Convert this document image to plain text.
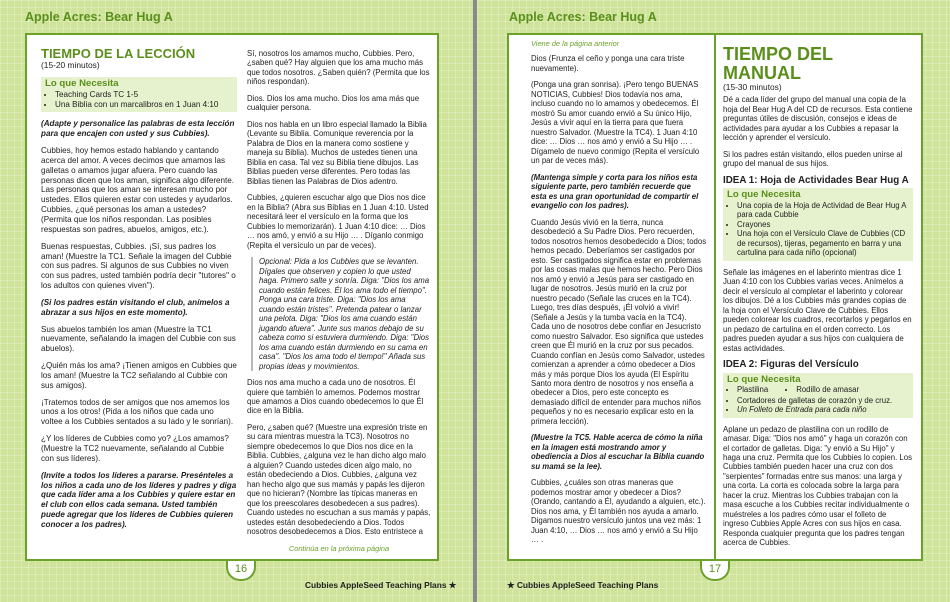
Apple Acres: Bear Hug A
TIEMPO DE LA LECCIÓN
(15-20 minutos)
Lo que Necesita
• Teaching Cards TC 1-5
• Una Biblia con un marcalibros en 1 Juan 4:10

(Adapte y personalice las palabras de esta lección para que encajen con usted y sus Cubbies).

Cubbies, hoy hemos estado hablando y cantando acerca del amor. A veces decimos que amamos las galletas o amamos jugar afuera. Pero cuando las personas dicen que los aman, significa algo diferente. Las personas que los aman se interesan mucho por ustedes. Ellos quieren estar con ustedes y ayudarlos. Cubbies, ¿qué personas los aman a ustedes? (Permita que los niños respondan. Las posibles respuestas son padres, abuelos, amigos, etc.).

Buenas respuestas, Cubbies. ¡Sí, sus padres los aman! (Muestre la TC1. Señale la imagen del Cubbie con sus padres. Si algunos de sus Cubbies no viven con sus padres, usted también podría decir "tutores" o los adultos con quienes viven").

(Si los padres están visitando el club, anímelos a abrazar a sus hijos en este momento).

Sus abuelos también los aman (Muestre la TC1 nuevamente, señalando la imagen del Cubbie con sus abuelos).

¿Quién más los ama? ¡Tienen amigos en Cubbies que los aman! (Muestre la TC2 señalando al Cubbie con sus amigos).

¡Tratemos todos de ser amigos que nos amemos los unos a los otros! (Pida a los niños que cada uno voltee a los Cubbies sentados a su lado y le sonrían).

¿Y los líderes de Cubbies como yo? ¿Los amamos? (Muestre la TC2 nuevamente, señalando al Cubbie con sus líderes).

(Invite a todos los líderes a pararse. Presénteles a los niños a cada uno de los líderes y padres y diga que cada líder ama a los Cubbies y quiere estar en el club con ellos cada semana. Usted también puede agregar que los líderes de Cubbies quieren conocer a los padres).

Sí, nosotros los amamos mucho, Cubbies. Pero, ¿saben qué? Hay alguien que los ama mucho más que todos nosotros. ¿Saben quién? (Permita que los niños respondan).

Dios. Dios los ama mucho. Dios los ama más que cualquier persona.

Dios nos habla en un libro especial llamado la Biblia (Levante su Biblia. Comunique reverencia por la Palabra de Dios en la manera como sostiene y maneja su Biblia). Muchos de ustedes tienen una Biblia en casa. Tal vez su Biblia tiene dibujos. Las Biblias pueden verse diferentes. Pero todas las Biblias tienen las Palabras de Dios adentro.

Cubbies, ¿quieren escuchar algo que Dios nos dice en la Biblia? (Abra sus Biblias en 1 Juan 4:10. Usted necesitará leer el versículo en la forma que los Cubbies lo memorizarán). 1 Juan 4:10 dice: … Dios … nos amó, y envió a su Hijo … . Díganlo conmigo (Repita el versículo un par de veces).

Opcional: Pida a los Cubbies que se levanten. Dígales que observen y copien lo que usted haga. Primero salte y sonría. Diga: "Dios los ama cuando están felices. Él los ama todo el tiempo". Ponga una cara triste. Diga: "Dios los ama cuando están tristes". Pretenda patear o lanzar una pelota. Diga: "Dios los ama cuando están jugando afuera". Junte sus manos debajo de su cabeza como si estuviera durmiendo. Diga: "Dios los ama cuando están durmiendo en su cama en casa". "Dios los ama todo el tiempo!" Añada sus propias ideas y movimientos.

Dios nos ama mucho a cada uno de nosotros. Él quiere que también lo amemos. Podemos mostrar que amamos a Dios cuando obedecemos lo que Él dice en la Biblia.

Pero, ¿saben qué? (Muestre una expresión triste en su cara mientras muestra la TC3). Nosotros no siempre obedecemos lo que Dios nos dice en la Biblia. Cubbies, ¿alguna vez le han dicho algo malo a alguien? Cuando ustedes dicen algo malo, no están obedeciendo a Dios. Cubbies, ¿alguna vez han hecho algo que sus mamás y papás les dijeron que no hicieran? (Nombre las típicas maneras en que los preescolares desobedecen a sus padres). Cuando ustedes no escuchan a sus mamás y papás, ustedes están desobedeciendo a Dios. Todos nosotros desobedecemos a Dios. Esto entristece a

Continúa en la próxima página
16
Cubbies AppleSeed Teaching Plans ★
Apple Acres: Bear Hug A
Viene de la página anterior

Dios (Frunza el ceño y ponga una cara triste nuevamente).

(Ponga una gran sonrisa). ¡Pero tengo BUENAS NOTICIAS, Cubbies! Dios todavía nos ama, incluso cuando no lo amamos y obedecemos. Él mostró Su amor cuando envió a Su único Hijo, Jesús a vivir aquí en la tierra para que fuera nuestro Salvador. (Muestre la TC4). 1 Juan 4:10 dice: … Dios … nos amó y envió a Su Hijo … . Dígamelo de nuevo conmigo (Repita el versículo un par de veces más).

(Mantenga simple y corta para los niños esta siguiente parte, pero también recuerde que esta es una gran oportunidad de compartir el evangelio con los padres).

Cuando Jesús vivió en la tierra, nunca desobedeció a Su Padre Dios. Pero recuerden, todos nosotros hemos desobedecido a Dios; todos hemos pecado. Deberíamos ser castigados por esto. Ser castigados significa estar en problemas por las cosas malas que hemos hecho. Pero Dios nos amó y envió a Jesús para ser castigado en lugar de nosotros. Jesús murió en la cruz por nuestro pecado (Señale las cruces en la TC4). Luego, tres días después, ¡Él volvió a vivir! (Señale a Jesús y la tumba vacía en la TC4). Cada uno de nosotros debe confiar en Jesucristo como nuestro Salvador. Eso significa que ustedes creen que Él murió en la cruz por sus pecados. Cuando confían en Jesús como Salvador, ustedes comienzan a aprender a cómo obedecer a Dios más y más porque Dios los ayuda (El Espíritu Santo mora dentro de nosotros y nos enseña a obedecer a Dios, pero este concepto es demasiado difícil de entender para muchos niños pequeños y no es necesario explicar esto en la primera lección).

(Muestre la TC5. Hable acerca de cómo la niña en la imagen está mostrando amor y obediencia a Dios al escuchar la Biblia cuando su mamá se la lee).

Cubbies, ¿cuáles son otras maneras que podemos mostrar amor y obedecer a Dios? (Orando, cantando a Él, ayudando a alguien, etc.). Dios nos ama, y Él también nos ayuda a amarlo. Digamos nuestro versículo juntos una vez más: 1 Juan 4:10, … Dios … nos amó y envió a Su Hijo … .

TIEMPO DEL MANUAL
(15-30 minutos)

Dé a cada líder del grupo del manual una copia de la hoja del Bear Hug A del CD de recursos. Esta contiene preguntas útiles de discusión, consejos e ideas de actividades para ayudar a los Cubbies a repasar la lección y aprender el versículo.

Si los padres están visitando, ellos pueden unirse al grupo del manual de sus hijos.

IDEA 1: Hoja de Actividades Bear Hug A
Lo que Necesita
• Una copia de la Hoja de Actividad de Bear Hug A para cada Cubbie
• Crayones
• Una hoja con el Versículo Clave de Cubbies (CD de recursos), tijeras, pegamento en barra y una cartulina para cada niño (opcional)

Señale las imágenes en el laberinto mientras dice 1 Juan 4:10 con los Cubbies varias veces. Anímelos a decir el versículo al completar el laberinto y colorear los dibujos. Dé a los Cubbies más grandes copias de la hoja con el Versículo Clave de Cubbies. Ellos pueden colorear los cuadros, recortarlos y pegarlos en un pedazo de cartulina en el orden correcto. Los padres pueden ayudar a sus hijos con cualquiera de estas actividades.

IDEA 2: Figuras del Versículo
Lo que Necesita
• Plastilina
•	Rodillo de amasar
• Cortadores de galletas de corazón y de cruz.
• Un Folleto de Entrada para cada niño

Aplane un pedazo de plastilina con un rodillo de amasar. Diga: "Dios nos amó" y haga un corazón con el cortador de galletas. Diga: "y envió a Su Hijo" y haga una cruz. Permita que los Cubbies lo copien. Los Cubbies también pueden hacer una cruz con dos "serpientes" formadas entre sus manos: una larga y una corta. La corta es colocada sobre la larga para hacer la cruz. Mientras los Cubbies trabajan con la masa escuche a los Cubbies recitar individualmente o muéstreles a los padres cómo usar el folleto de ingreso Cubbies Apple Acres con sus hijos en casa. Responda cualquier pregunta que los padres tengan acerca de Cubbies.

17
★ Cubbies AppleSeed Teaching Plans
